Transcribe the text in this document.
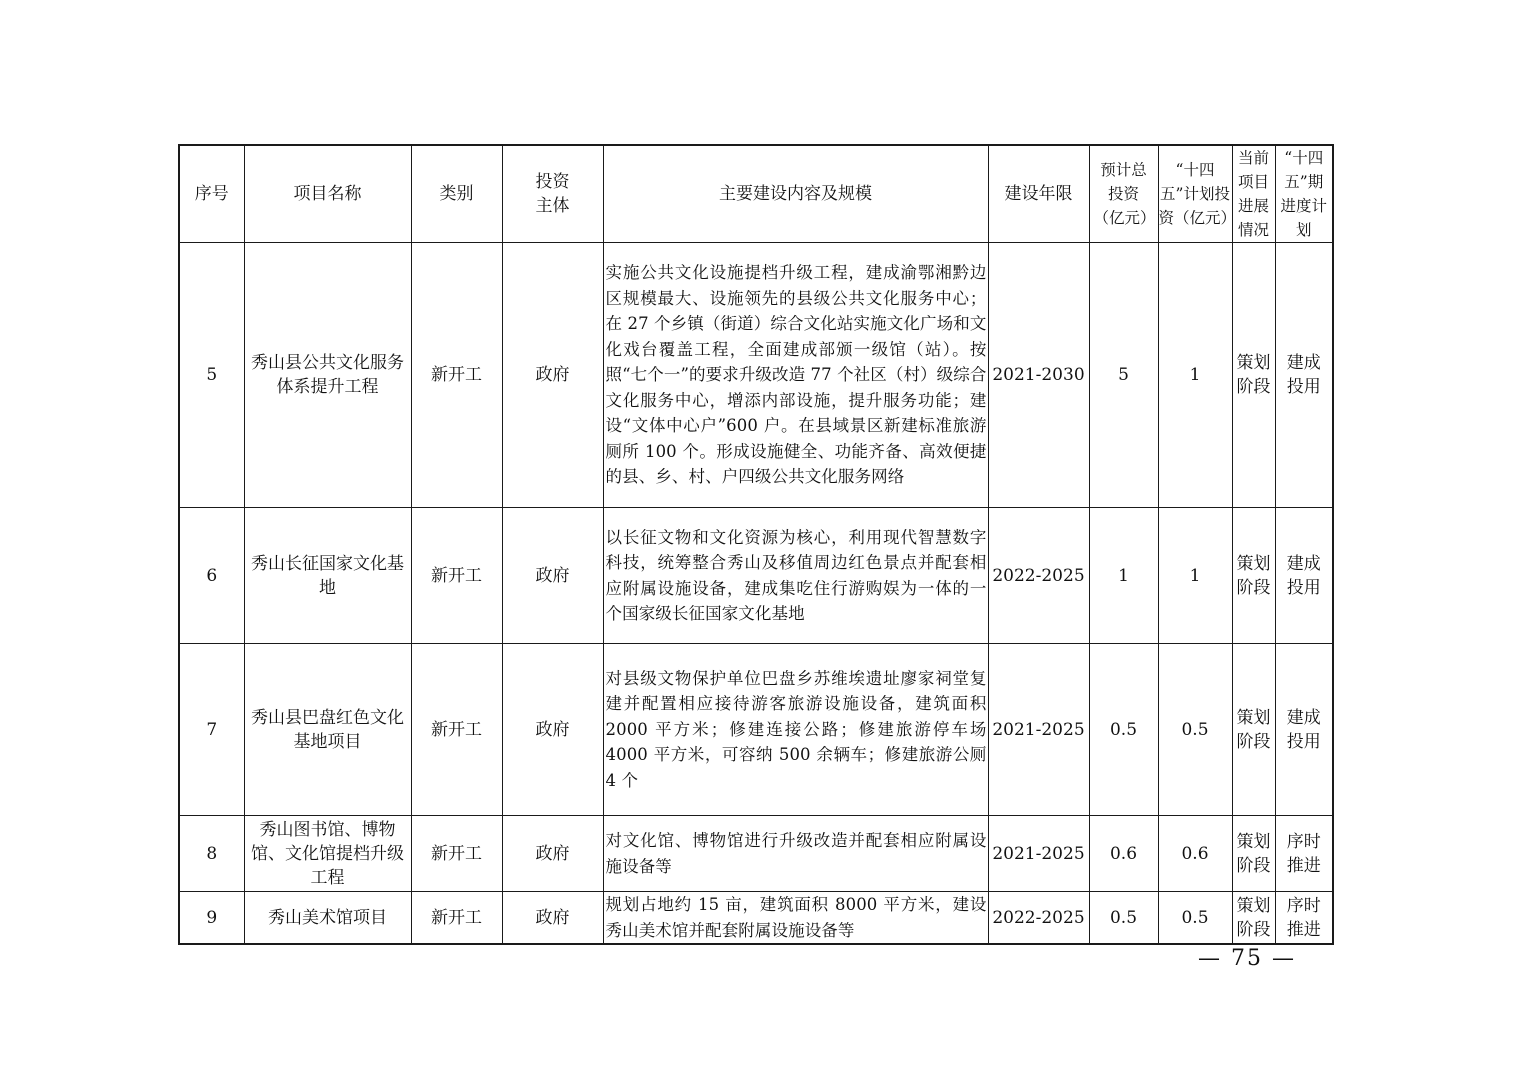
序号	项目名称	类别	投资主体	主要建设内容及规模	建设年限	预计总投资（亿元）	“十四五”计划投资（亿元）	当前项目进展情况	“十四五”期进度计划
5	秀山县公共文化服务体系提升工程	新开工	政府	实施公共文化设施提档升级工程，建成渝鄂湘黔边区规模最大、设施领先的县级公共文化服务中心；在 27 个乡镇（街道）综合文化站实施文化广场和文化戏台覆盖工程，全面建成部颁一级馆（站）。按照“七个一”的要求升级改造 77 个社区（村）级综合文化服务中心，增添内部设施，提升服务功能；建设“文体中心户”600 户。在县域景区新建标准旅游厕所 100 个。形成设施健全、功能齐备、高效便捷的县、乡、村、户四级公共文化服务网络	2021-2030	5	1	策划阶段	建成投用
6	秀山长征国家文化基地	新开工	政府	以长征文物和文化资源为核心，利用现代智慧数字科技，统筹整合秀山及移值周边红色景点并配套相应附属设施设备，建成集吃住行游购娱为一体的一个国家级长征国家文化基地	2022-2025	1	1	策划阶段	建成投用
7	秀山县巴盘红色文化基地项目	新开工	政府	对县级文物保护单位巴盘乡苏维埃遗址廖家祠堂复建并配置相应接待游客旅游设施设备，建筑面积 2000 平方米；修建连接公路；修建旅游停车场 4000 平方米，可容纳 500 余辆车；修建旅游公厕 4 个	2021-2025	0.5	0.5	策划阶段	建成投用
8	秀山图书馆、博物馆、文化馆提档升级工程	新开工	政府	对文化馆、博物馆进行升级改造并配套相应附属设施设备等	2021-2025	0.6	0.6	策划阶段	序时推进
9	秀山美术馆项目	新开工	政府	规划占地约 15 亩，建筑面积 8000 平方米，建设秀山美术馆并配套附属设施设备等	2022-2025	0.5	0.5	策划阶段	序时推进
— 75 —
